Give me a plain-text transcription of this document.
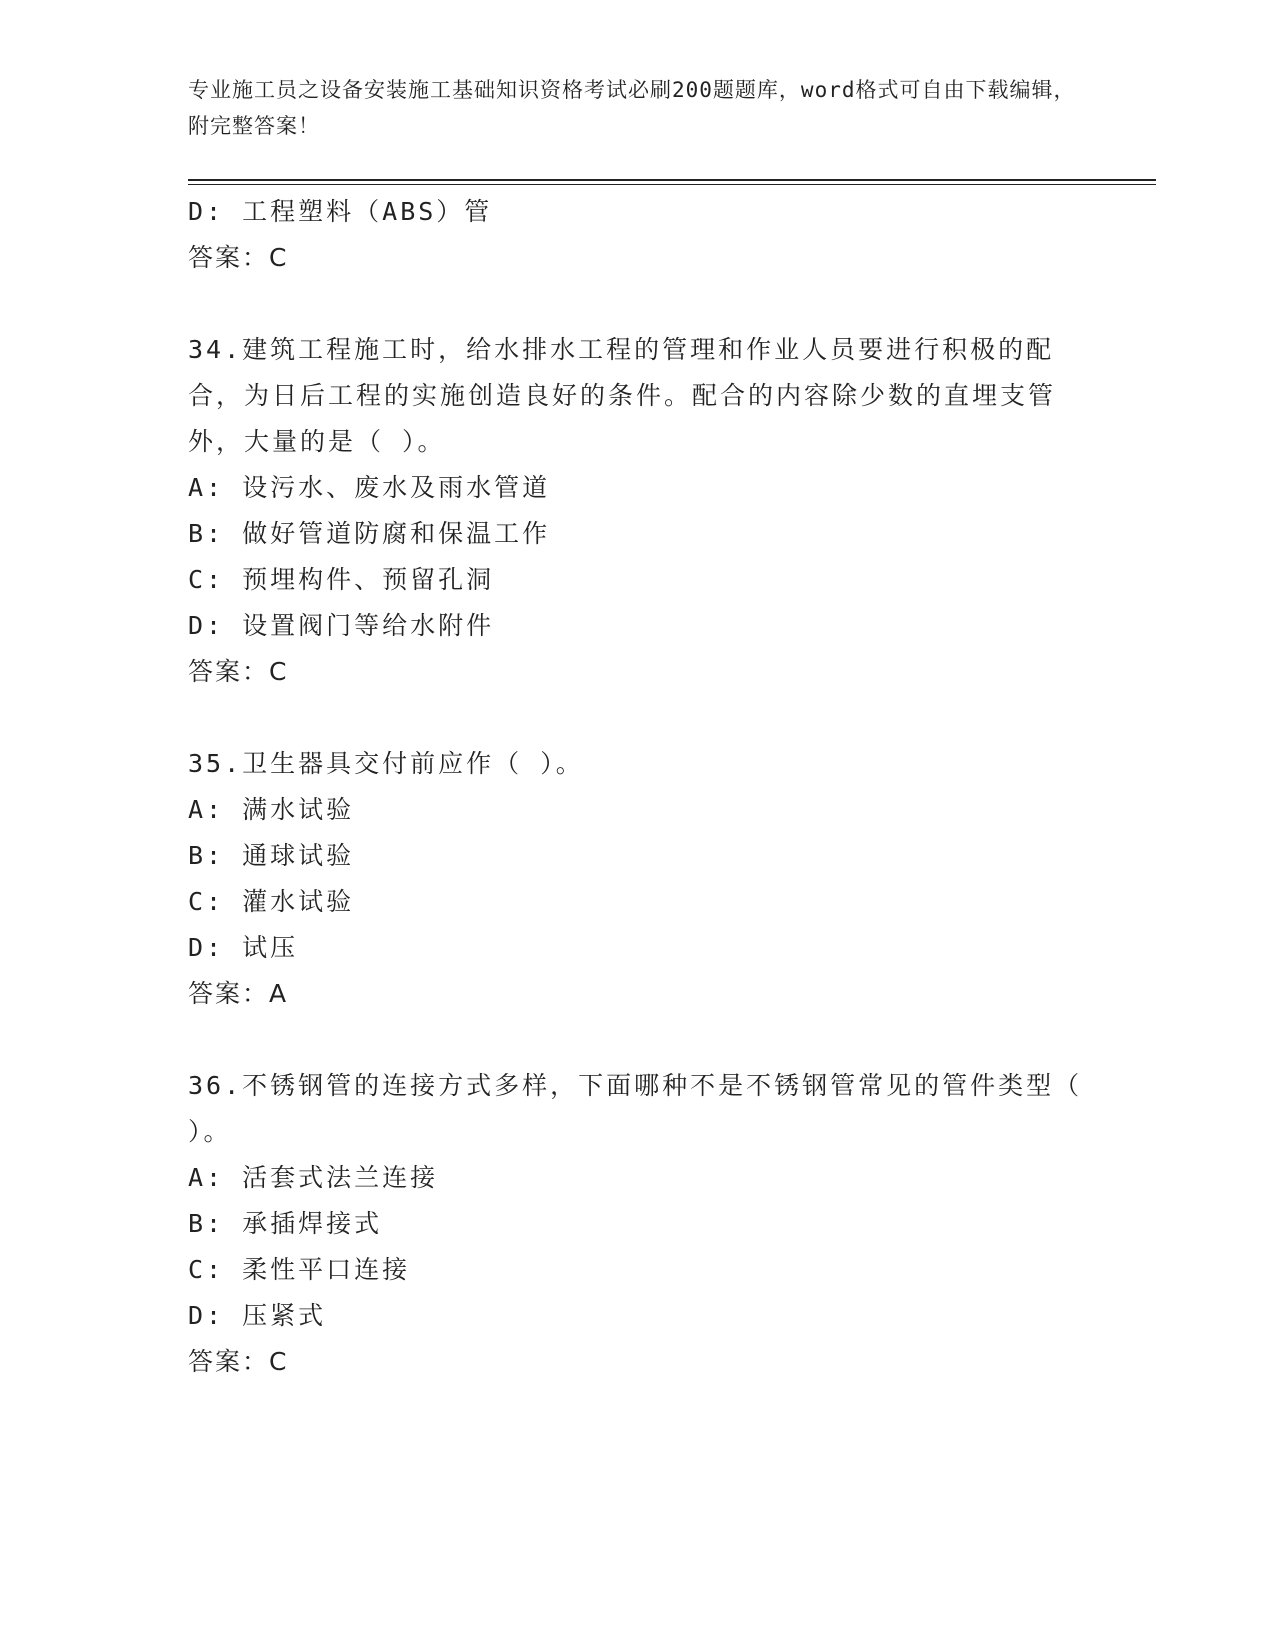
专业施工员之设备安装施工基础知识资格考试必刷200题题库，word格式可自由下载编辑，附完整答案！
D: 工程塑料（ABS）管
答案：C
34.建筑工程施工时，给水排水工程的管理和作业人员要进行积极的配合，为日后工程的实施创造良好的条件。配合的内容除少数的直埋支管外，大量的是（ ）。
A: 设污水、废水及雨水管道
B: 做好管道防腐和保温工作
C: 预埋构件、预留孔洞
D: 设置阀门等给水附件
答案：C
35.卫生器具交付前应作（ ）。
A: 满水试验
B: 通球试验
C: 灌水试验
D: 试压
答案：A
36.不锈钢管的连接方式多样，下面哪种不是不锈钢管常见的管件类型（ ）。
A: 活套式法兰连接
B: 承插焊接式
C: 柔性平口连接
D: 压紧式
答案：C
